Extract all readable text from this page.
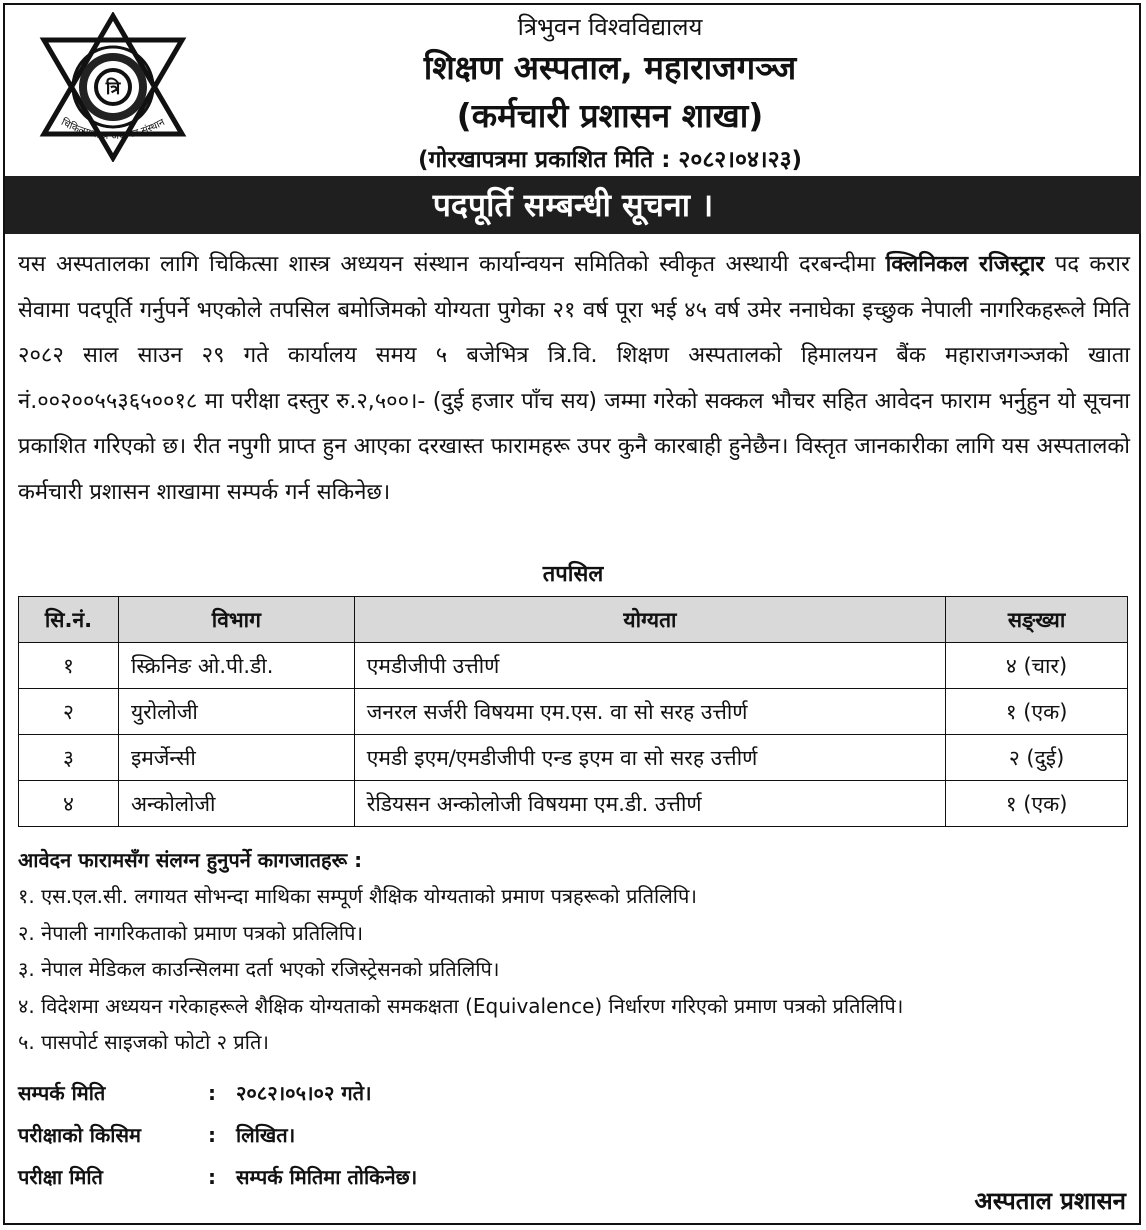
त्रि
चिकित्साशास्त्र अध्ययन संस्थान
त्रिभुवन विश्वविद्यालय
शिक्षण अस्पताल, महाराजगञ्ज
(कर्मचारी प्रशासन शाखा)
(गोरखापत्रमा प्रकाशित मिति : २०८२।०४।२३)
पदपूर्ति सम्बन्धी सूचना ।
यस अस्पतालका लागि चिकित्सा शास्त्र अध्ययन संस्थान कार्यान्वयन समितिको स्वीकृत अस्थायी दरबन्दीमा क्लिनिकल रजिस्ट्रार पद करार सेवामा पदपूर्ति गर्नुपर्ने भएकोले तपसिल बमोजिमको योग्यता पुगेका २१ वर्ष पूरा भई ४५ वर्ष उमेर ननाघेका इच्छुक नेपाली नागरिकहरूले मिति २०८२ साल साउन २९ गते कार्यालय समय ५ बजेभित्र त्रि.वि. शिक्षण अस्पतालको हिमालयन बैंक महाराजगञ्जको खाता नं.००२००५५३६५००१८ मा परीक्षा दस्तुर रु.२,५००।- (दुई हजार पाँच सय) जम्मा गरेको सक्कल भौचर सहित आवेदन फाराम भर्नुहुन यो सूचना प्रकाशित गरिएको छ। रीत नपुगी प्राप्त हुन आएका दरखास्त फारामहरू उपर कुनै कारबाही हुनेछैन। विस्तृत जानकारीका लागि यस अस्पतालको कर्मचारी प्रशासन शाखामा सम्पर्क गर्न सकिनेछ।
तपसिल
सि.नं.	विभाग	योग्यता	सङ्ख्या
१	स्क्रिनिङ ओ.पी.डी.	एमडीजीपी उत्तीर्ण	४ (चार)
२	युरोलोजी	जनरल सर्जरी विषयमा एम.एस. वा सो सरह उत्तीर्ण	१ (एक)
३	इमर्जेन्सी	एमडी इएम/एमडीजीपी एन्ड इएम वा सो सरह उत्तीर्ण	२ (दुई)
४	अन्कोलोजी	रेडियसन अन्कोलोजी विषयमा एम.डी. उत्तीर्ण	१ (एक)
आवेदन फारामसँग संलग्न हुनुपर्ने कागजातहरू :
१. एस.एल.सी. लगायत सोभन्दा माथिका सम्पूर्ण शैक्षिक योग्यताको प्रमाण पत्रहरूको प्रतिलिपि।
२. नेपाली नागरिकताको प्रमाण पत्रको प्रतिलिपि।
३. नेपाल मेडिकल काउन्सिलमा दर्ता भएको रजिस्ट्रेसनको प्रतिलिपि।
४. विदेशमा अध्ययन गरेकाहरूले शैक्षिक योग्यताको समकक्षता (Equivalence) निर्धारण गरिएको प्रमाण पत्रको प्रतिलिपि।
५. पासपोर्ट साइजको फोटो २ प्रति।
सम्पर्क मिति	: २०८२।०५।०२ गते।
परीक्षाको किसिम	: लिखित।
परीक्षा मिति	: सम्पर्क मितिमा तोकिनेछ।
अस्पताल प्रशासन
